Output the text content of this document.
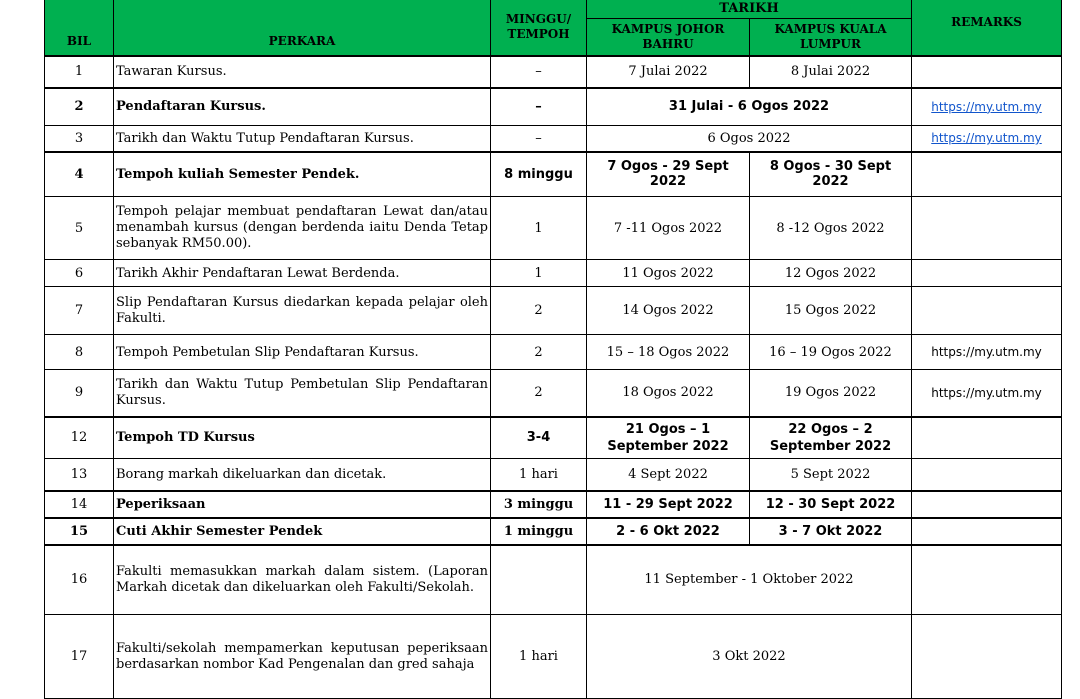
BIL	PERKARA	MINGGU/ TEMPOH	TARIKH		REMARKS
			KAMPUS JOHOR BAHRU	KAMPUS KUALA LUMPUR	
1	Tawaran Kursus.	–	7 Julai 2022	8 Julai 2022	
2	Pendaftaran Kursus.	–	31 Julai - 6 Ogos 2022		https://my.utm.my
3	Tarikh dan Waktu Tutup Pendaftaran Kursus.	–	6 Ogos 2022		https://my.utm.my
4	Tempoh kuliah Semester Pendek.	8 minggu	7 Ogos - 29 Sept 2022	8 Ogos - 30 Sept 2022	
5	Tempoh pelajar membuat pendaftaran Lewat dan/atau menambah kursus (dengan berdenda iaitu Denda Tetap sebanyak RM50.00).	1	7 -11 Ogos 2022	8 -12 Ogos 2022	
6	Tarikh Akhir Pendaftaran Lewat Berdenda.	1	11 Ogos 2022	12 Ogos 2022	
7	Slip Pendaftaran Kursus diedarkan kepada pelajar oleh Fakulti.	2	14 Ogos 2022	15 Ogos 2022	
8	Tempoh Pembetulan Slip Pendaftaran Kursus.	2	15 – 18 Ogos 2022	16 – 19 Ogos 2022	https://my.utm.my
9	Tarikh dan Waktu Tutup Pembetulan Slip Pendaftaran Kursus.	2	18 Ogos 2022	19 Ogos 2022	https://my.utm.my
12	Tempoh TD Kursus	3-4	21 Ogos – 1 September 2022	22 Ogos – 2 September 2022	
13	Borang markah dikeluarkan dan dicetak.	1 hari	4 Sept 2022	5 Sept 2022	
14	Peperiksaan	3 minggu	11 - 29 Sept 2022	12 - 30 Sept 2022	
15	Cuti Akhir Semester Pendek	1 minggu	2 - 6 Okt 2022	3 - 7 Okt 2022	
16	Fakulti memasukkan markah dalam sistem. (Laporan Markah dicetak dan dikeluarkan oleh Fakulti/Sekolah.		11 September - 1 Oktober 2022		
17	Fakulti/sekolah mempamerkan keputusan peperiksaan berdasarkan nombor Kad Pengenalan dan gred sahaja	1 hari	3 Okt 2022		
